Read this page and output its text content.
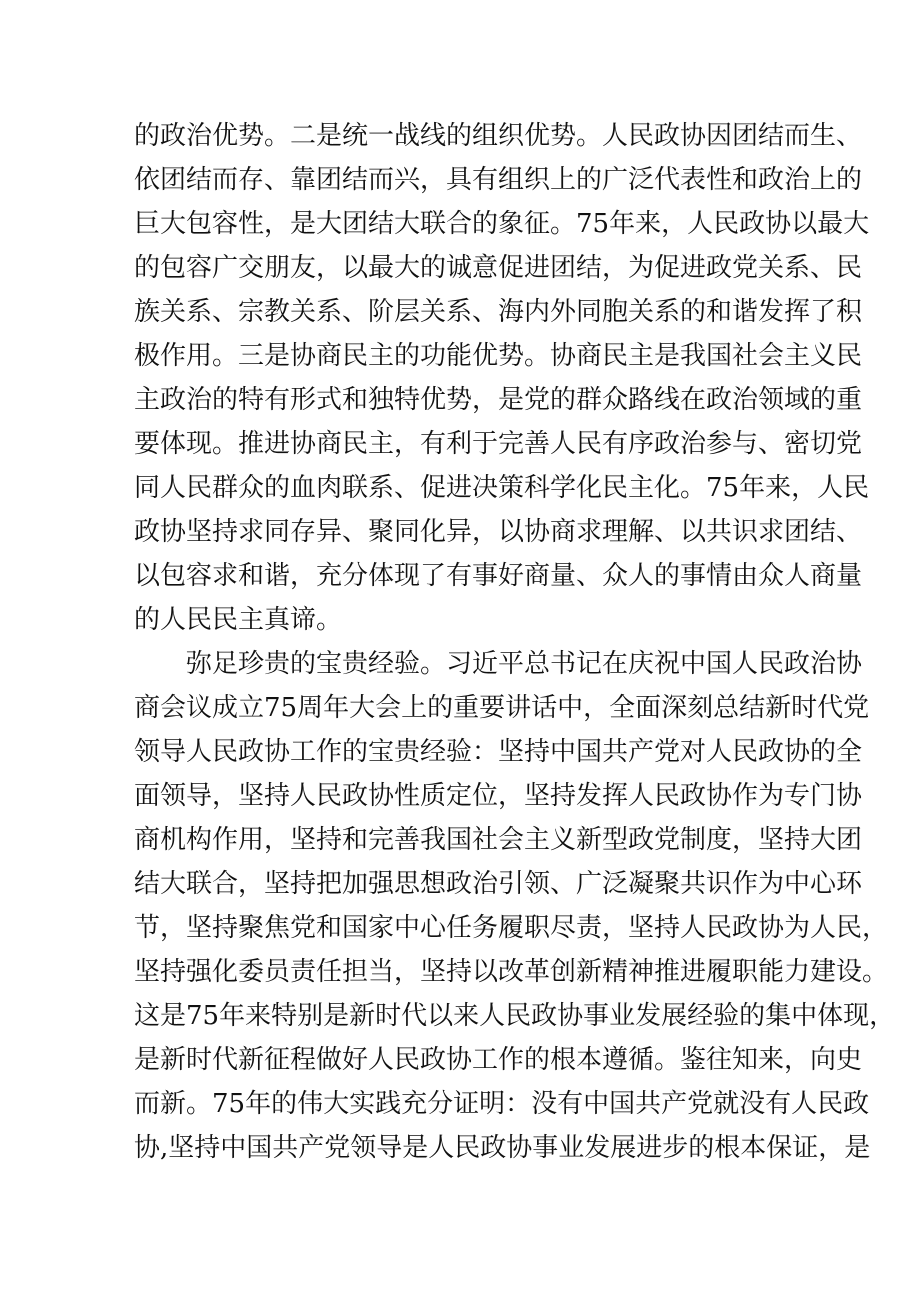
的政治优势。二是统一战线的组织优势。人民政协因团结而生、
依团结而存、靠团结而兴，具有组织上的广泛代表性和政治上的
巨大包容性，是大团结大联合的象征。75年来，人民政协以最大
的包容广交朋友，以最大的诚意促进团结，为促进政党关系、民
族关系、宗教关系、阶层关系、海内外同胞关系的和谐发挥了积
极作用。三是协商民主的功能优势。协商民主是我国社会主义民
主政治的特有形式和独特优势，是党的群众路线在政治领域的重
要体现。推进协商民主，有利于完善人民有序政治参与、密切党
同人民群众的血肉联系、促进决策科学化民主化。75年来，人民
政协坚持求同存异、聚同化异，以协商求理解、以共识求团结、
以包容求和谐，充分体现了有事好商量、众人的事情由众人商量
的人民民主真谛。
弥足珍贵的宝贵经验。习近平总书记在庆祝中国人民政治协
商会议成立75周年大会上的重要讲话中，全面深刻总结新时代党
领导人民政协工作的宝贵经验：坚持中国共产党对人民政协的全
面领导，坚持人民政协性质定位，坚持发挥人民政协作为专门协
商机构作用，坚持和完善我国社会主义新型政党制度，坚持大团
结大联合，坚持把加强思想政治引领、广泛凝聚共识作为中心环
节，坚持聚焦党和国家中心任务履职尽责，坚持人民政协为人民，
坚持强化委员责任担当，坚持以改革创新精神推进履职能力建设。
这是75年来特别是新时代以来人民政协事业发展经验的集中体现，
是新时代新征程做好人民政协工作的根本遵循。鉴往知来，向史
而新。75年的伟大实践充分证明：没有中国共产党就没有人民政
协,坚持中国共产党领导是人民政协事业发展进步的根本保证，是
